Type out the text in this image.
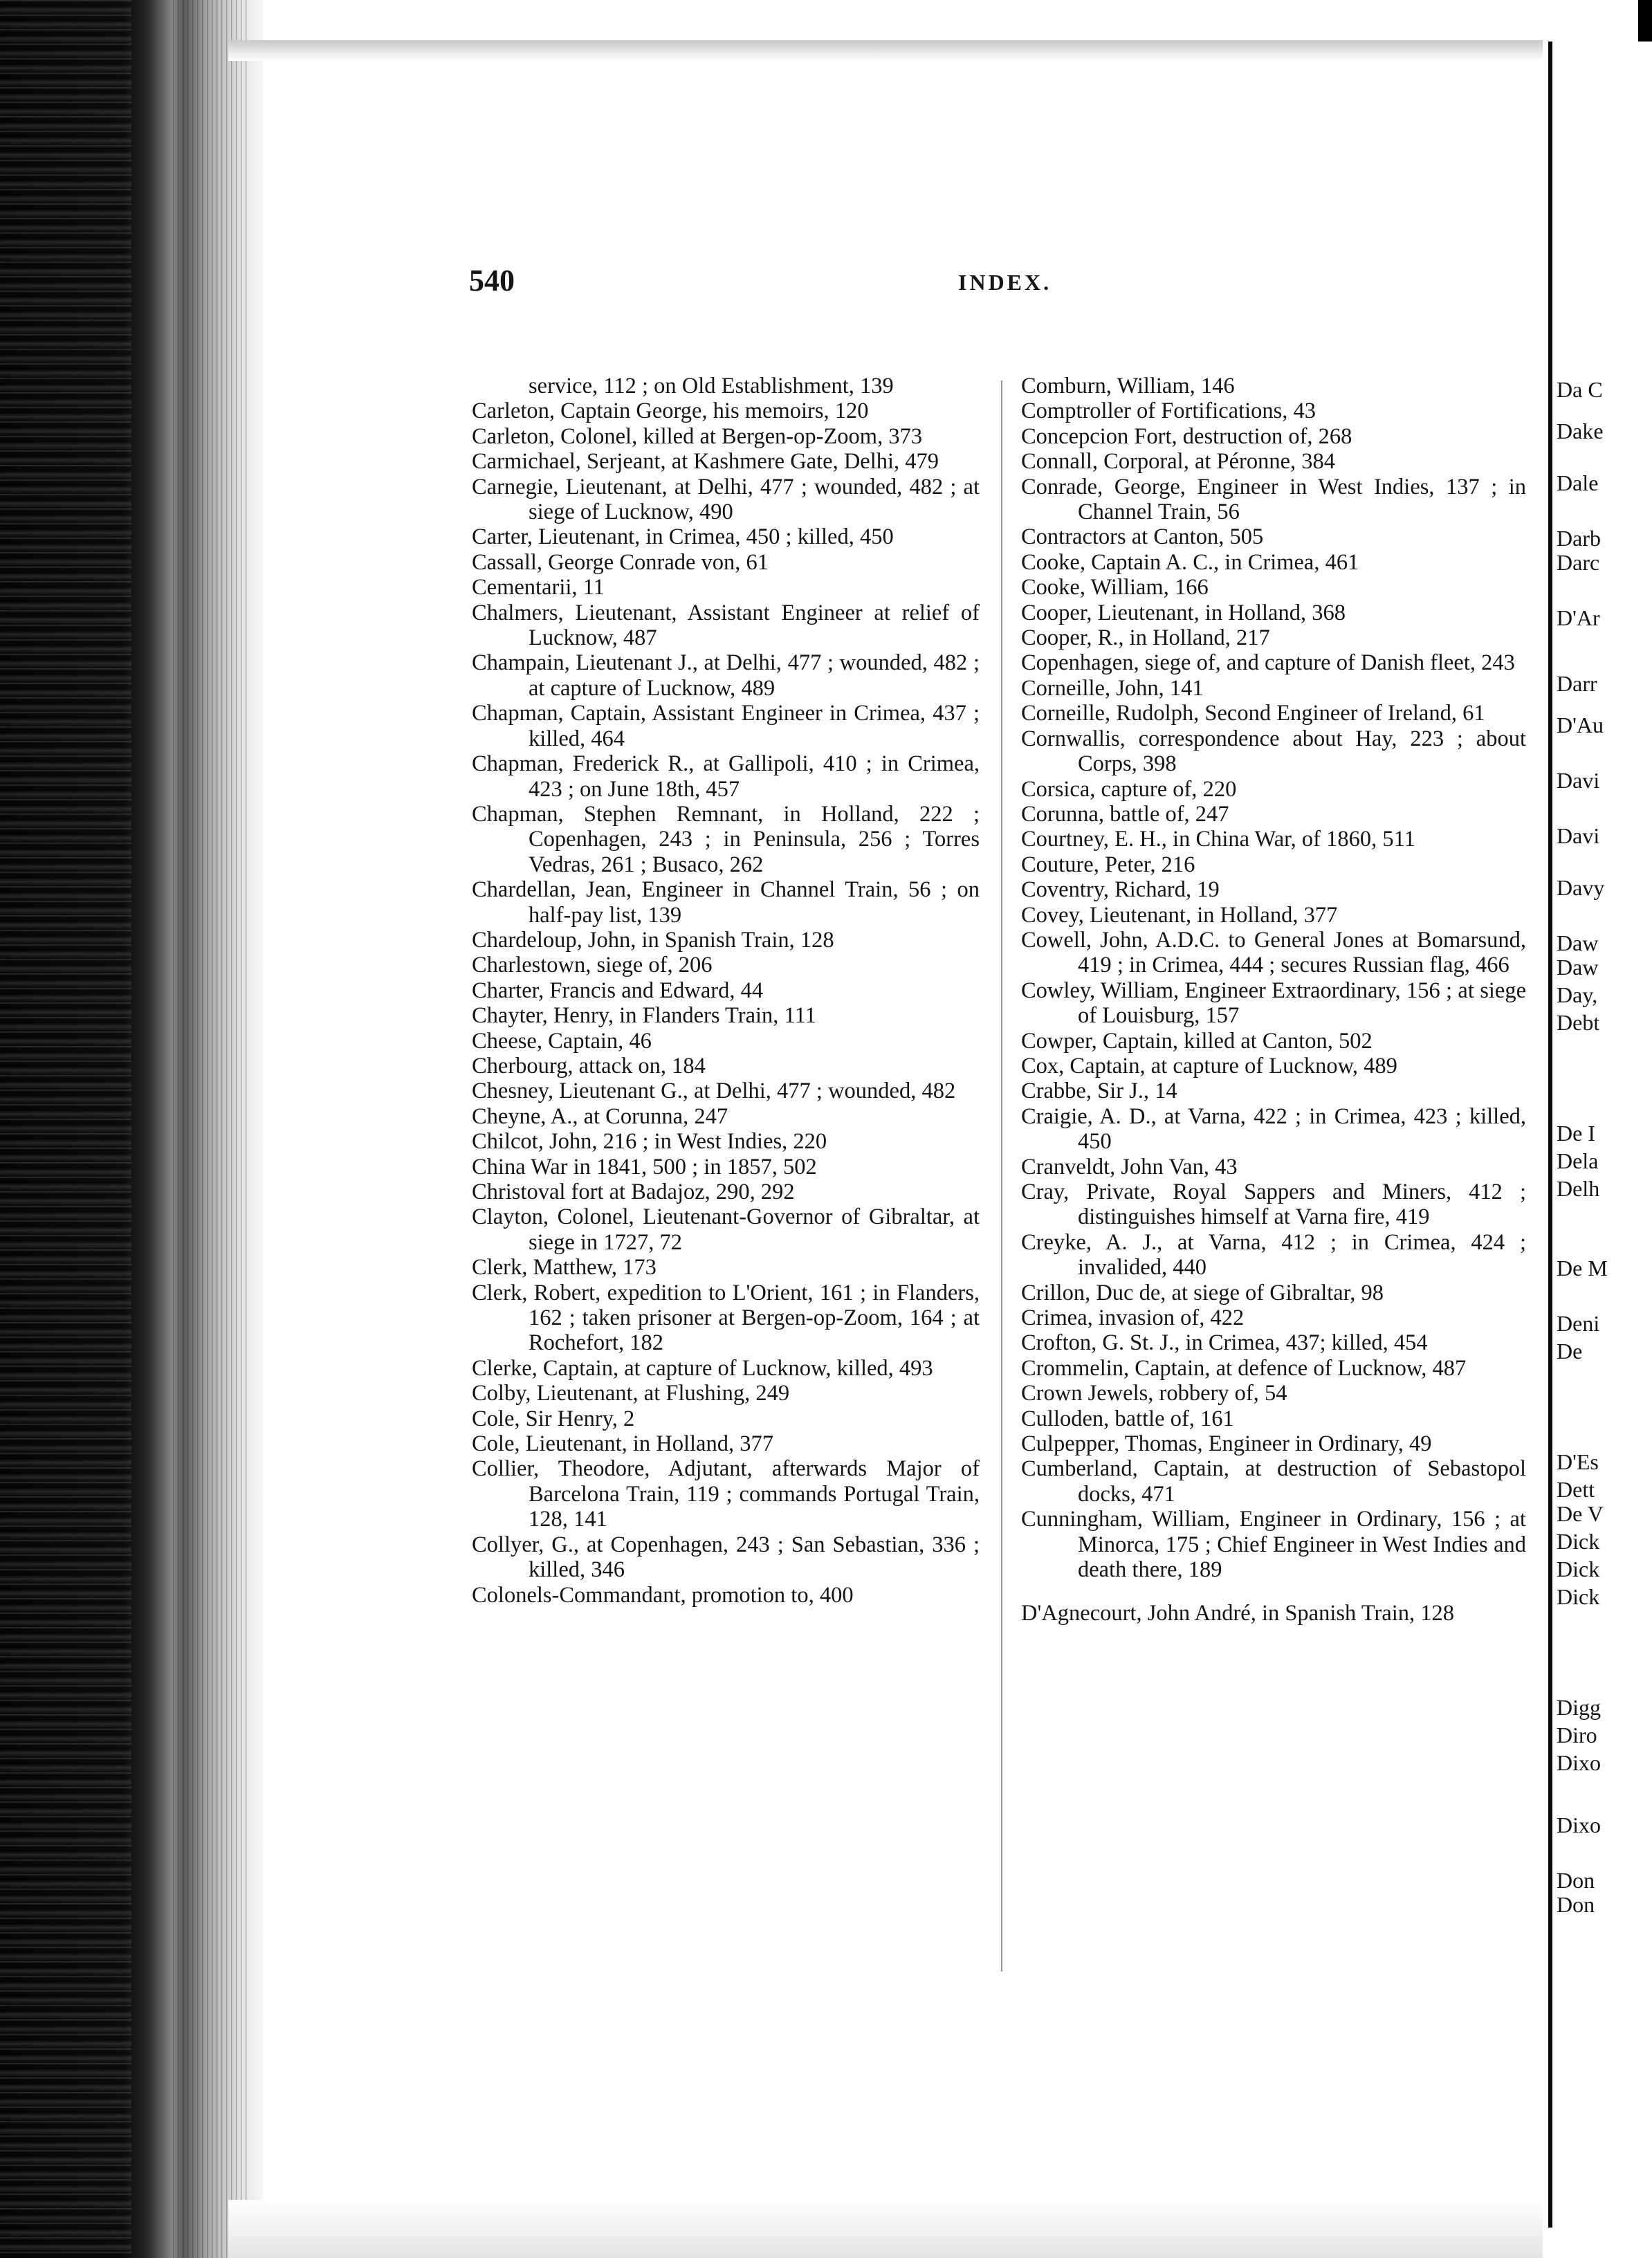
540	INDEX.

service, 112 ; on Old Establishment, 139

Carleton, Captain George, his memoirs, 120

Carleton, Colonel, killed at Bergen-op-Zoom, 373

Carmichael, Serjeant, at Kashmere Gate, Delhi, 479

Carnegie, Lieutenant, at Delhi, 477 ; wounded, 482 ; at siege of Lucknow, 490

Carter, Lieutenant, in Crimea, 450 ; killed, 450

Cassall, George Conrade von, 61

Cementarii, 11

Chalmers, Lieutenant, Assistant Engineer at relief of Lucknow, 487

Champain, Lieutenant J., at Delhi, 477 ; wounded, 482 ; at capture of Lucknow, 489

Chapman, Captain, Assistant Engineer in Crimea, 437 ; killed, 464

Chapman, Frederick R., at Gallipoli, 410 ; in Crimea, 423 ; on June 18th, 457

Chapman, Stephen Remnant, in Holland, 222 ; Copenhagen, 243 ; in Peninsula, 256 ; Torres Vedras, 261 ; Busaco, 262

Chardellan, Jean, Engineer in Channel Train, 56 ; on half-pay list, 139

Chardeloup, John, in Spanish Train, 128

Charlestown, siege of, 206

Charter, Francis and Edward, 44

Chayter, Henry, in Flanders Train, 111

Cheese, Captain, 46

Cherbourg, attack on, 184

Chesney, Lieutenant G., at Delhi, 477 ; wounded, 482

Cheyne, A., at Corunna, 247

Chilcot, John, 216 ; in West Indies, 220

China War in 1841, 500 ; in 1857, 502

Christoval fort at Badajoz, 290, 292

Clayton, Colonel, Lieutenant-Governor of Gibraltar, at siege in 1727, 72

Clerk, Matthew, 173

Clerk, Robert, expedition to L'Orient, 161 ; in Flanders, 162 ; taken prisoner at Bergen-op-Zoom, 164 ; at Rochefort, 182

Clerke, Captain, at capture of Lucknow, killed, 493

Colby, Lieutenant, at Flushing, 249

Cole, Sir Henry, 2

Cole, Lieutenant, in Holland, 377

Collier, Theodore, Adjutant, afterwards Major of Barcelona Train, 119 ; commands Portugal Train, 128, 141

Collyer, G., at Copenhagen, 243 ; San Sebastian, 336 ; killed, 346

Colonels-Commandant, promotion to, 400

Comburn, William, 146

Comptroller of Fortifications, 43

Concepcion Fort, destruction of, 268

Connall, Corporal, at Péronne, 384

Conrade, George, Engineer in West Indies, 137 ; in Channel Train, 56

Contractors at Canton, 505

Cooke, Captain A. C., in Crimea, 461

Cooke, William, 166

Cooper, Lieutenant, in Holland, 368

Cooper, R., in Holland, 217

Copenhagen, siege of, and capture of Danish fleet, 243

Corneille, John, 141

Corneille, Rudolph, Second Engineer of Ireland, 61

Cornwallis, correspondence about Hay, 223 ; about Corps, 398

Corsica, capture of, 220

Corunna, battle of, 247

Courtney, E. H., in China War, of 1860, 511

Couture, Peter, 216

Coventry, Richard, 19

Covey, Lieutenant, in Holland, 377

Cowell, John, A.D.C. to General Jones at Bomarsund, 419 ; in Crimea, 444 ; secures Russian flag, 466

Cowley, William, Engineer Extraordinary, 156 ; at siege of Louisburg, 157

Cowper, Captain, killed at Canton, 502

Cox, Captain, at capture of Lucknow, 489

Crabbe, Sir J., 14

Craigie, A. D., at Varna, 422 ; in Crimea, 423 ; killed, 450

Cranveldt, John Van, 43

Cray, Private, Royal Sappers and Miners, 412 ; distinguishes himself at Varna fire, 419

Creyke, A. J., at Varna, 412 ; in Crimea, 424 ; invalided, 440

Crillon, Duc de, at siege of Gibraltar, 98

Crimea, invasion of, 422

Crofton, G. St. J., in Crimea, 437; killed, 454

Crommelin, Captain, at defence of Lucknow, 487

Crown Jewels, robbery of, 54

Culloden, battle of, 161

Culpepper, Thomas, Engineer in Ordinary, 49

Cumberland, Captain, at destruction of Sebastopol docks, 471

Cunningham, William, Engineer in Ordinary, 156 ; at Minorca, 175 ; Chief Engineer in West Indies and death there, 189

D'Agnecourt, John André, in Spanish Train, 128

Da C
Dake
Dale
Darb
Darc
D'Ar
Darr
D'Au
Davi
Davi
Davy
Daw
Daw
Day,
Debt
De I
Dela
Delh
De M
Deni
De
D'Es
Dett
De V
Dick
Dick
Dick
Digg
Diro
Dixo
Dixo
Don
Don
